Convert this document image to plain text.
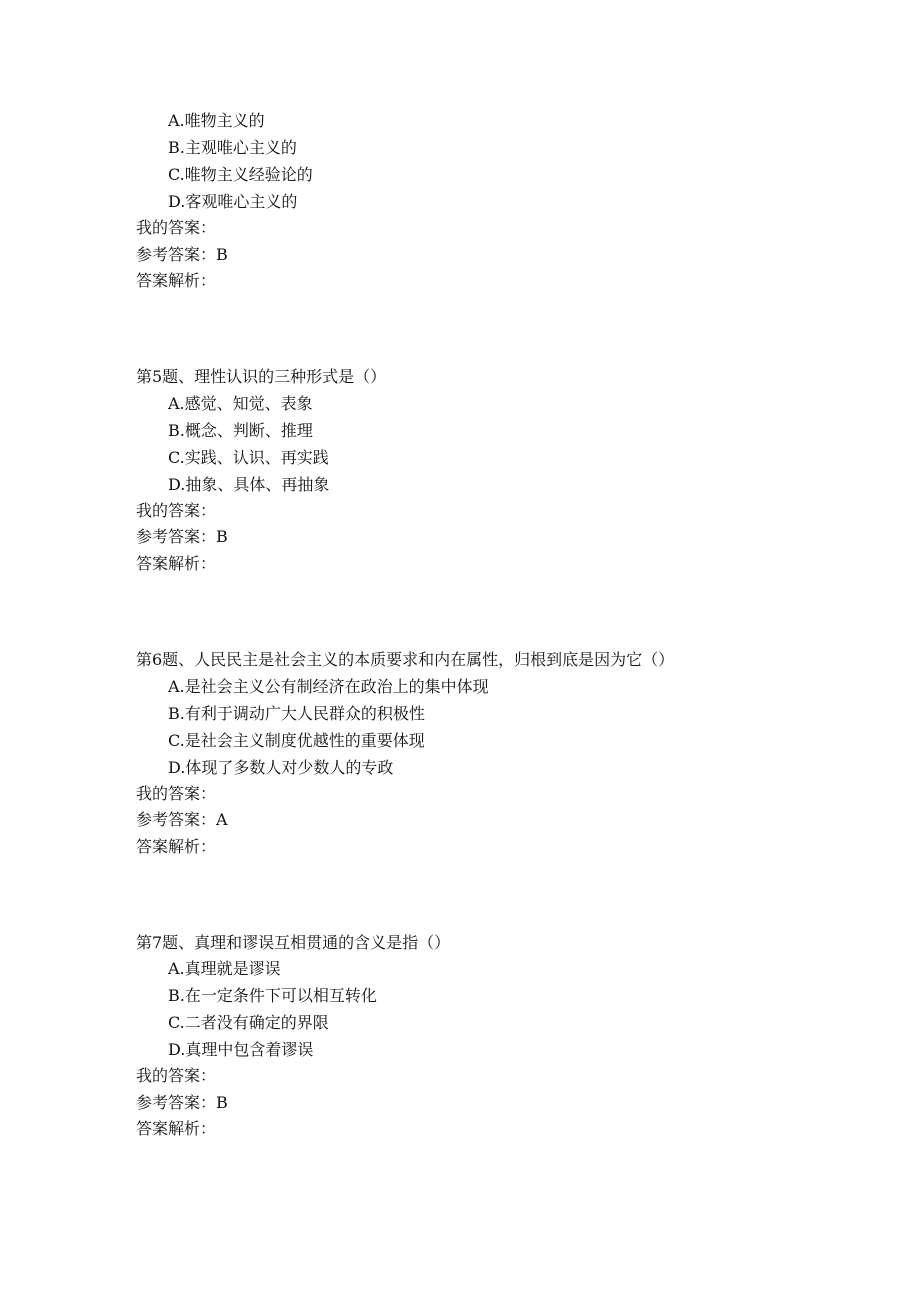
A.唯物主义的
B.主观唯心主义的
C.唯物主义经验论的
D.客观唯心主义的
我的答案：
参考答案：B
答案解析：
第5题、理性认识的三种形式是（）
A.感觉、知觉、表象
B.概念、判断、推理
C.实践、认识、再实践
D.抽象、具体、再抽象
我的答案：
参考答案：B
答案解析：
第6题、人民民主是社会主义的本质要求和内在属性，归根到底是因为它（）
A.是社会主义公有制经济在政治上的集中体现
B.有利于调动广大人民群众的积极性
C.是社会主义制度优越性的重要体现
D.体现了多数人对少数人的专政
我的答案：
参考答案：A
答案解析：
第7题、真理和谬误互相贯通的含义是指（）
A.真理就是谬误
B.在一定条件下可以相互转化
C.二者没有确定的界限
D.真理中包含着谬误
我的答案：
参考答案：B
答案解析：
